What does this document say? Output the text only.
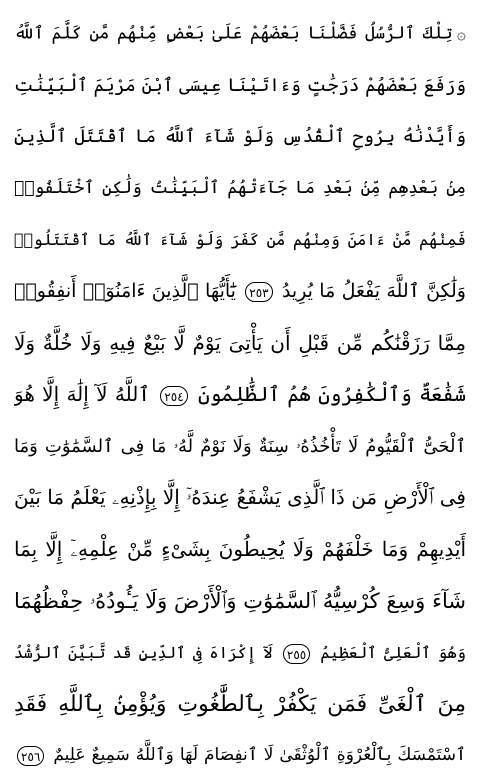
۞تِلْكَ ٱلرُّسُلُ فَضَّلْنَا بَعْضَهُمْ عَلَىٰ بَعْضٍ مِّنْهُم مَّن كَلَّمَ ٱللَّهُ
وَرَفَعَ بَعْضَهُمْ دَرَجَٰتٍ وَءَاتَيْنَا عِيسَى ٱبْنَ مَرْيَمَ ٱلْبَيِّنَٰتِ
وَأَيَّدْنَٰهُ بِرُوحِ ٱلْقُدُسِ وَلَوْ شَآءَ ٱللَّهُ مَا ٱقْتَتَلَ ٱلَّذِينَ
مِنۢ بَعْدِهِم مِّنۢ بَعْدِ مَا جَآءَتْهُمُ ٱلْبَيِّنَٰتُ وَلَٰكِنِ ٱخْتَلَفُوا۟
فَمِنْهُم مَّنْ ءَامَنَ وَمِنْهُم مَّن كَفَرَ وَلَوْ شَآءَ ٱللَّهُ مَا ٱقْتَتَلُوا۟
وَلَٰكِنَّ ٱللَّهَ يَفْعَلُ مَا يُرِيدُ ٢٥٣ يَٰٓأَيُّهَا ٱلَّذِينَ ءَامَنُوٓا۟ أَنفِقُوا۟
مِمَّا رَزَقْنَٰكُم مِّن قَبْلِ أَن يَأْتِىَ يَوْمٌ لَّا بَيْعٌ فِيهِ وَلَا خُلَّةٌ وَلَا
شَفَٰعَةٌ وَٱلْكَٰفِرُونَ هُمُ ٱلظَّٰلِمُونَ ٢٥٤ ٱللَّهُ لَآ إِلَٰهَ إِلَّا هُوَ
ٱلْحَىُّ ٱلْقَيُّومُ لَا تَأْخُذُهُۥ سِنَةٌ وَلَا نَوْمٌ لَّهُۥ مَا فِى ٱلسَّمَٰوَٰتِ وَمَا
فِى ٱلْأَرْضِ مَن ذَا ٱلَّذِى يَشْفَعُ عِندَهُۥٓ إِلَّا بِإِذْنِهِۦ يَعْلَمُ مَا بَيْنَ
أَيْدِيهِمْ وَمَا خَلْفَهُمْ وَلَا يُحِيطُونَ بِشَىْءٍ مِّنْ عِلْمِهِۦٓ إِلَّا بِمَا
شَآءَ وَسِعَ كُرْسِيُّهُ ٱلسَّمَٰوَٰتِ وَٱلْأَرْضَ وَلَا يَـُٔودُهُۥ حِفْظُهُمَا
وَهُوَ ٱلْعَلِىُّ ٱلْعَظِيمُ ٢٥٥ لَآ إِكْرَاهَ فِى ٱلدِّينِ قَد تَّبَيَّنَ ٱلرُّشْدُ
مِنَ ٱلْغَىِّ فَمَن يَكْفُرْ بِٱلطَّٰغُوتِ وَيُؤْمِنۢ بِٱللَّهِ فَقَدِ
ٱسْتَمْسَكَ بِٱلْعُرْوَةِ ٱلْوُثْقَىٰ لَا ٱنفِصَامَ لَهَا وَٱللَّهُ سَمِيعٌ عَلِيمٌ ٢٥٦
